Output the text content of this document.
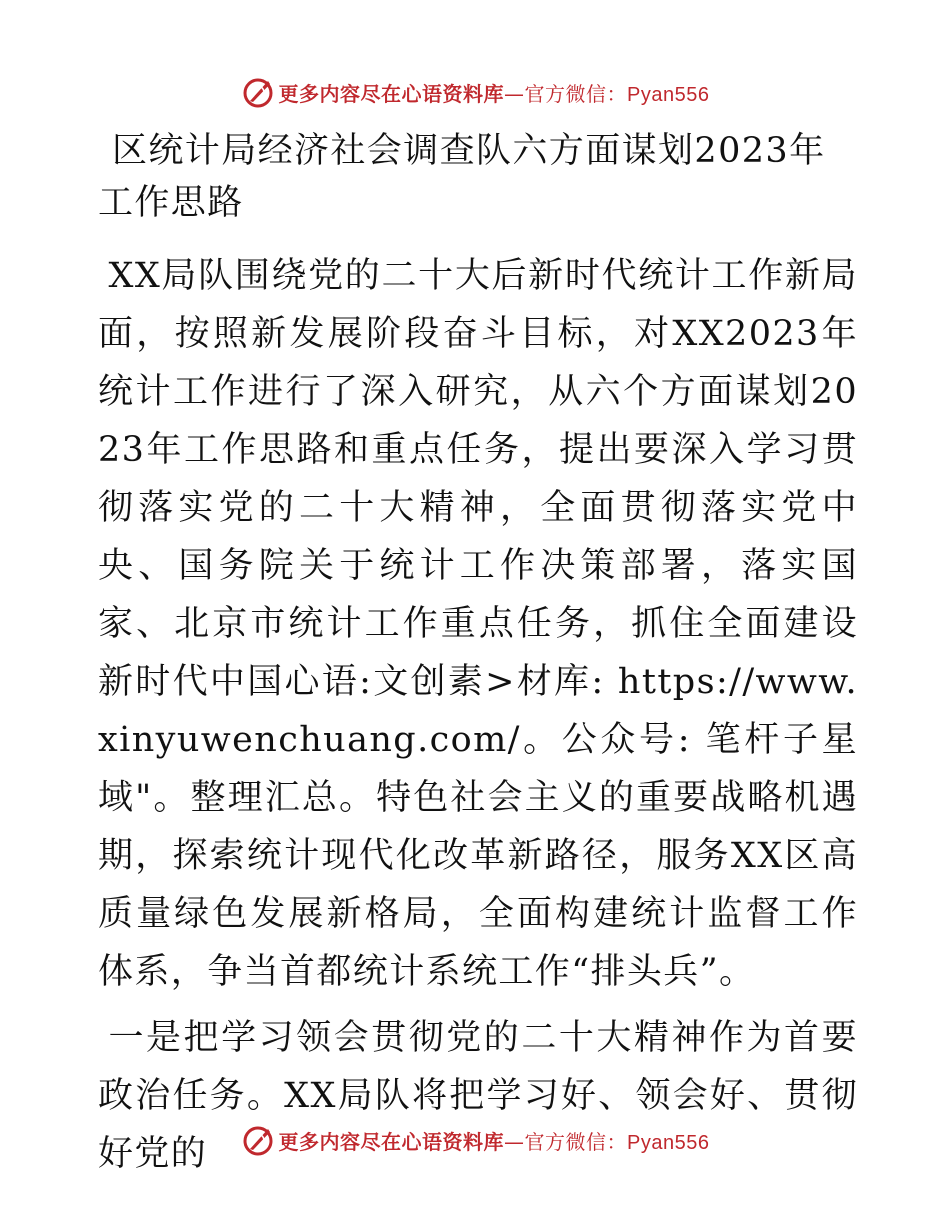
更多内容尽在心语资料库—官方微信：Pyan556
区统计局经济社会调查队六方面谋划2023年工作思路

XX局队围绕党的二十大后新时代统计工作新局面，按照新发展阶段奋斗目标，对XX2023年统计工作进行了深入研究，从六个方面谋划2023年工作思路和重点任务，提出要深入学习贯彻落实党的二十大精神，全面贯彻落实党中央、国务院关于统计工作决策部署，落实国家、北京市统计工作重点任务，抓住全面建设新时代中国心语:文创素>材库: https://www.xinyuwenchuang.com/。公众号: 笔杆子星域"。整理汇总。特色社会主义的重要战略机遇期，探索统计现代化改革新路径，服务XX区高质量绿色发展新格局，全面构建统计监督工作体系，争当首都统计系统工作“排头兵”。

一是把学习领会贯彻党的二十大精神作为首要政治任务。XX局队将把学习好、领会好、贯彻好党的	更多内容尽在心语资料库—官方微信：Pyan556
